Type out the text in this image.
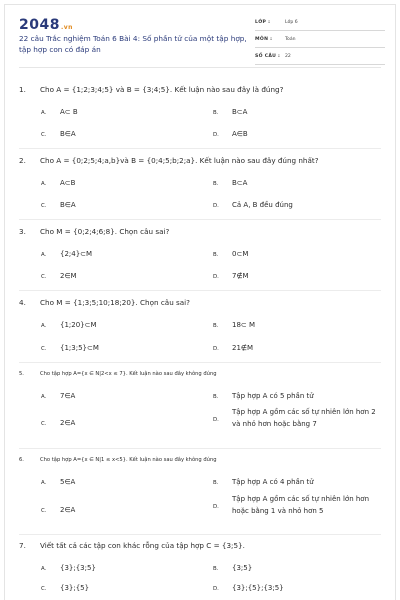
2048.vn
22 câu Trắc nghiệm Toán 6 Bài 4: Số phần tử của một tập hợp, tập hợp con có đáp án
LỚP :	Lớp 6
MÔN :	Toán
SỐ CÂU :	22
1. Cho A = {1;2;3;4;5} và B = {3;4;5}. Kết luận nào sau đây là đúng?
A. A⊂ B	B. B⊂A
C. B∈A	D. A∈B
2. Cho A = {0;2;5;4;a,b}và B = {0;4;5;b;2;a}. Kết luận nào sau đây đúng nhất?
A. A⊂B	B. B⊂A
C. B∈A	D. Cả A, B đều đúng
3. Cho M = {0;2;4;6;8}. Chọn câu sai?
A. {2;4}⊂M	B. 0⊂M
C. 2∈M	D. 7∉M
4. Cho M = {1;3;5;10;18;20}. Chọn câu sai?
A. {1;20}⊂M	B. 18⊂ M
C. {1;3;5}⊂M	D. 21∉M
5.	Cho tập hợp A={x ∈ N|2<x ≤ 7}. Kết luận nào sau đây không đúng
A. 7∈A	B. Tập hợp A có 5 phần tử
C. 2∈A	D.
Tập hợp A gồm các số tự nhiên lớn hơn 2 và nhỏ hơn hoặc bằng 7
6.	Cho tập hợp A={x ∈ N|1 ≤ x<5}. Kết luận nào sau đây không đúng
A. 5∈A	B. Tập hợp A có 4 phần tử
C. 2∈A	D.
Tập hợp A gồm các số tự nhiên lớn hơn hoặc bằng 1 và nhỏ hơn 5
7. Viết tất cả các tập con khác rỗng của tập hợp C = {3;5}.
A. {3};{3;5}	B. {3;5}
C. {3};{5}	D. {3};{5};{3;5}
